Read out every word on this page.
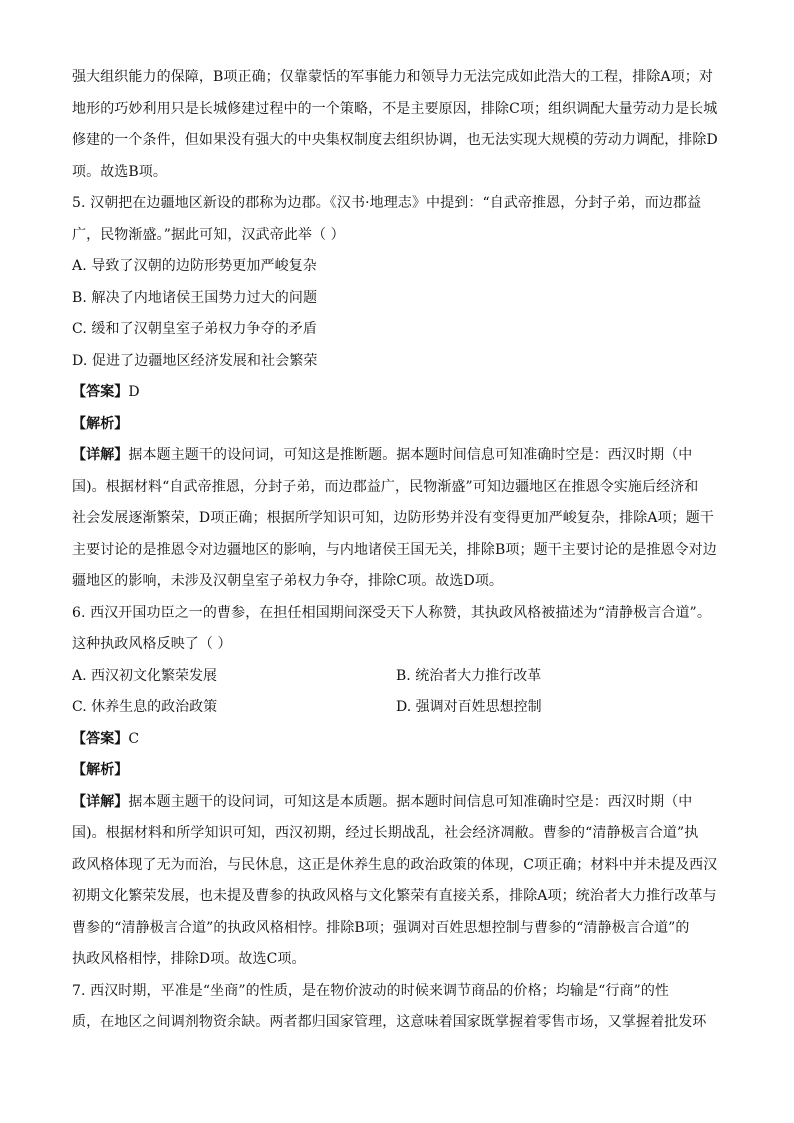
强大组织能力的保障，B项正确；仅靠蒙恬的军事能力和领导力无法完成如此浩大的工程，排除A项；对
地形的巧妙利用只是长城修建过程中的一个策略，不是主要原因，排除C项；组织调配大量劳动力是长城
修建的一个条件，但如果没有强大的中央集权制度去组织协调，也无法实现大规模的劳动力调配，排除D
项。故选B项。
5. 汉朝把在边疆地区新设的郡称为边郡。《汉书·地理志》中提到：“自武帝推恩，分封子弟，而边郡益
广，民物渐盛。”据此可知，汉武帝此举（ ）
A. 导致了汉朝的边防形势更加严峻复杂
B. 解决了内地诸侯王国势力过大的问题
C. 缓和了汉朝皇室子弟权力争夺的矛盾
D. 促进了边疆地区经济发展和社会繁荣
【答案】D
【解析】
【详解】据本题主题干的设问词，可知这是推断题。据本题时间信息可知准确时空是：西汉时期（中
国)。根据材料“自武帝推恩，分封子弟，而边郡益广，民物渐盛”可知边疆地区在推恩令实施后经济和
社会发展逐渐繁荣，D项正确；根据所学知识可知，边防形势并没有变得更加严峻复杂，排除A项；题干
主要讨论的是推恩令对边疆地区的影响，与内地诸侯王国无关，排除B项；题干主要讨论的是推恩令对边
疆地区的影响，未涉及汉朝皇室子弟权力争夺，排除C项。故选D项。
6. 西汉开国功臣之一的曹参，在担任相国期间深受天下人称赞，其执政风格被描述为“清静极言合道”。
这种执政风格反映了（ ）
A. 西汉初文化繁荣发展	B. 统治者大力推行改革
C. 休养生息的政治政策	D. 强调对百姓思想控制
【答案】C
【解析】
【详解】据本题主题干的设问词，可知这是本质题。据本题时间信息可知准确时空是：西汉时期（中
国)。根据材料和所学知识可知，西汉初期，经过长期战乱，社会经济凋敝。曹参的“清静极言合道”执
政风格体现了无为而治，与民休息，这正是休养生息的政治政策的体现，C项正确；材料中并未提及西汉
初期文化繁荣发展，也未提及曹参的执政风格与文化繁荣有直接关系，排除A项；统治者大力推行改革与
曹参的“清静极言合道”的执政风格相悖。排除B项；强调对百姓思想控制与曹参的“清静极言合道”的
执政风格相悖，排除D项。故选C项。
7. 西汉时期，平准是“坐商”的性质，是在物价波动的时候来调节商品的价格；均输是“行商”的性
质，在地区之间调剂物资余缺。两者都归国家管理，这意味着国家既掌握着零售市场，又掌握着批发环
